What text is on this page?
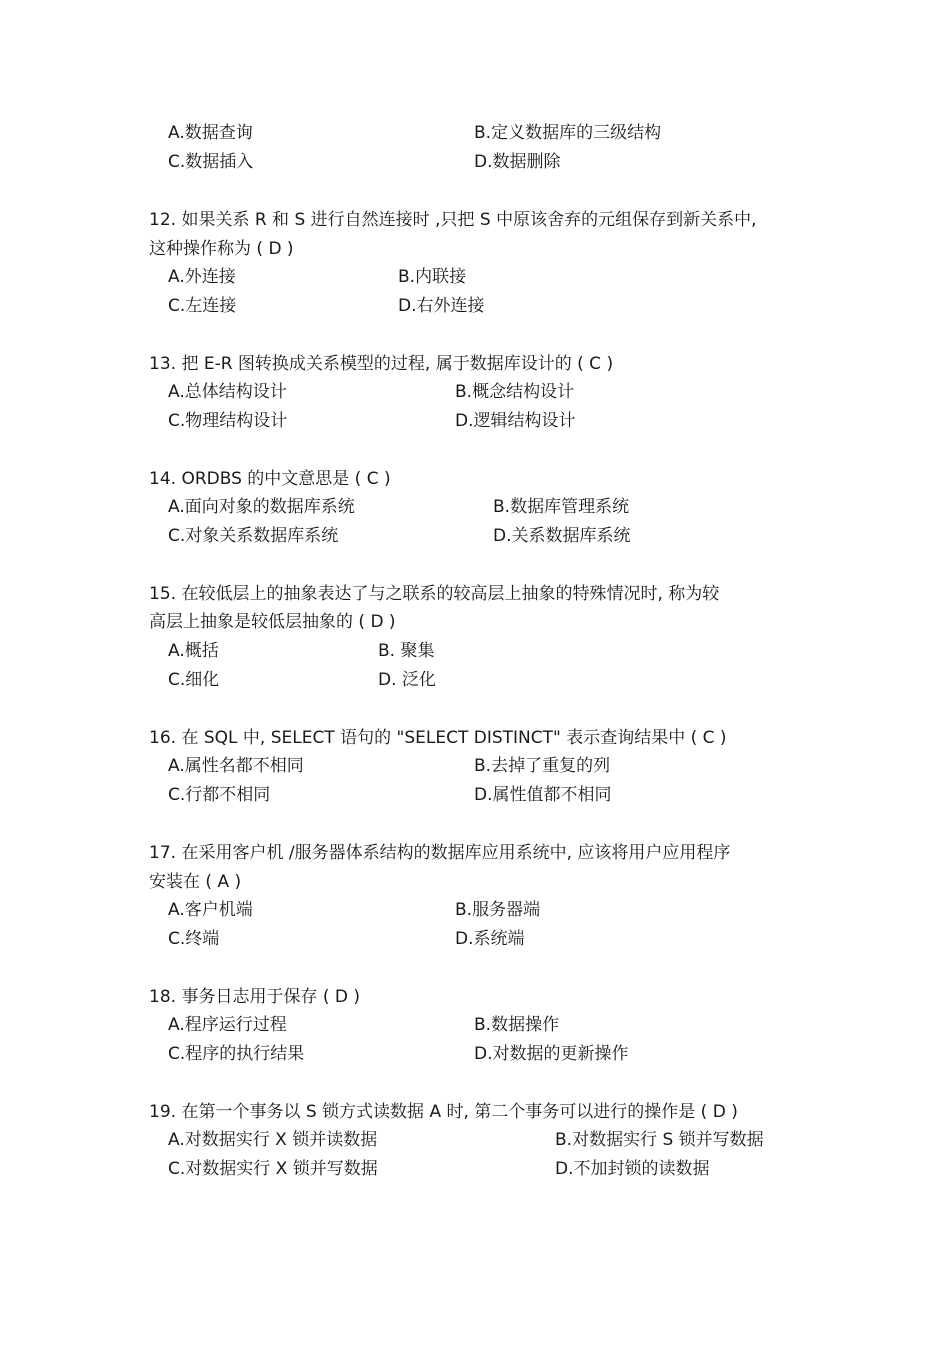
A.数据查询	B.定义数据库的三级结构
C.数据插入	D.数据删除
12. 如果关系 R 和 S 进行自然连接时 ,只把 S 中原该舍弃的元组保存到新关系中,
这种操作称为 ( D )
A.外连接	B.内联接
C.左连接	D.右外连接
13. 把 E-R 图转换成关系模型的过程, 属于数据库设计的 ( C )
A.总体结构设计	B.概念结构设计
C.物理结构设计	D.逻辑结构设计
14. ORDBS 的中文意思是 ( C )
A.面向对象的数据库系统	B.数据库管理系统
C.对象关系数据库系统	D.关系数据库系统
15. 在较低层上的抽象表达了与之联系的较高层上抽象的特殊情况时, 称为较
高层上抽象是较低层抽象的 ( D )
A.概括	B. 聚集
C.细化	D. 泛化
16. 在 SQL 中, SELECT 语句的 "SELECT DISTINCT" 表示查询结果中 ( C )
A.属性名都不相同	B.去掉了重复的列
C.行都不相同	D.属性值都不相同
17. 在采用客户机 /服务器体系结构的数据库应用系统中, 应该将用户应用程序
安装在 ( A )
A.客户机端	B.服务器端
C.终端	D.系统端
18. 事务日志用于保存 ( D )
A.程序运行过程	B.数据操作
C.程序的执行结果	D.对数据的更新操作
19. 在第一个事务以 S 锁方式读数据 A 时, 第二个事务可以进行的操作是 ( D )
A.对数据实行 X 锁并读数据	B.对数据实行 S 锁并写数据
C.对数据实行 X 锁并写数据	D.不加封锁的读数据
